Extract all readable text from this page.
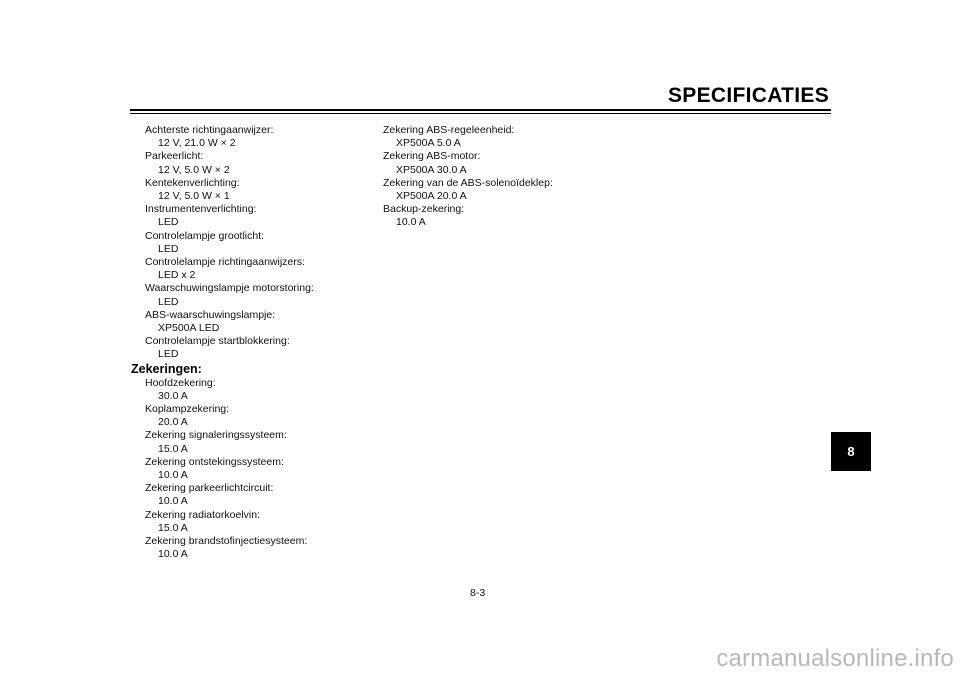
SPECIFICATIES
Achterste richtingaanwijzer:
12 V, 21.0 W × 2
Parkeerlicht:
12 V, 5.0 W × 2
Kentekenverlichting:
12 V, 5.0 W × 1
Instrumentenverlichting:
LED
Controlelampje grootlicht:
LED
Controlelampje richtingaanwijzers:
LED x 2
Waarschuwingslampje motorstoring:
LED
ABS-waarschuwingslampje:
XP500A LED
Controlelampje startblokkering:
LED
Zekeringen:
Hoofdzekering:
30.0 A
Koplampzekering:
20.0 A
Zekering signaleringssysteem:
15.0 A
Zekering ontstekingssysteem:
10.0 A
Zekering parkeerlichtcircuit:
10.0 A
Zekering radiatorkoelvin:
15.0 A
Zekering brandstofinjectiesysteem:
10.0 A
Zekering ABS-regeleenheid:
XP500A 5.0 A
Zekering ABS-motor:
XP500A 30.0 A
Zekering van de ABS-solenoïdeklep:
XP500A 20.0 A
Backup-zekering:
10.0 A
8-3
8
carmanualsonline.info
